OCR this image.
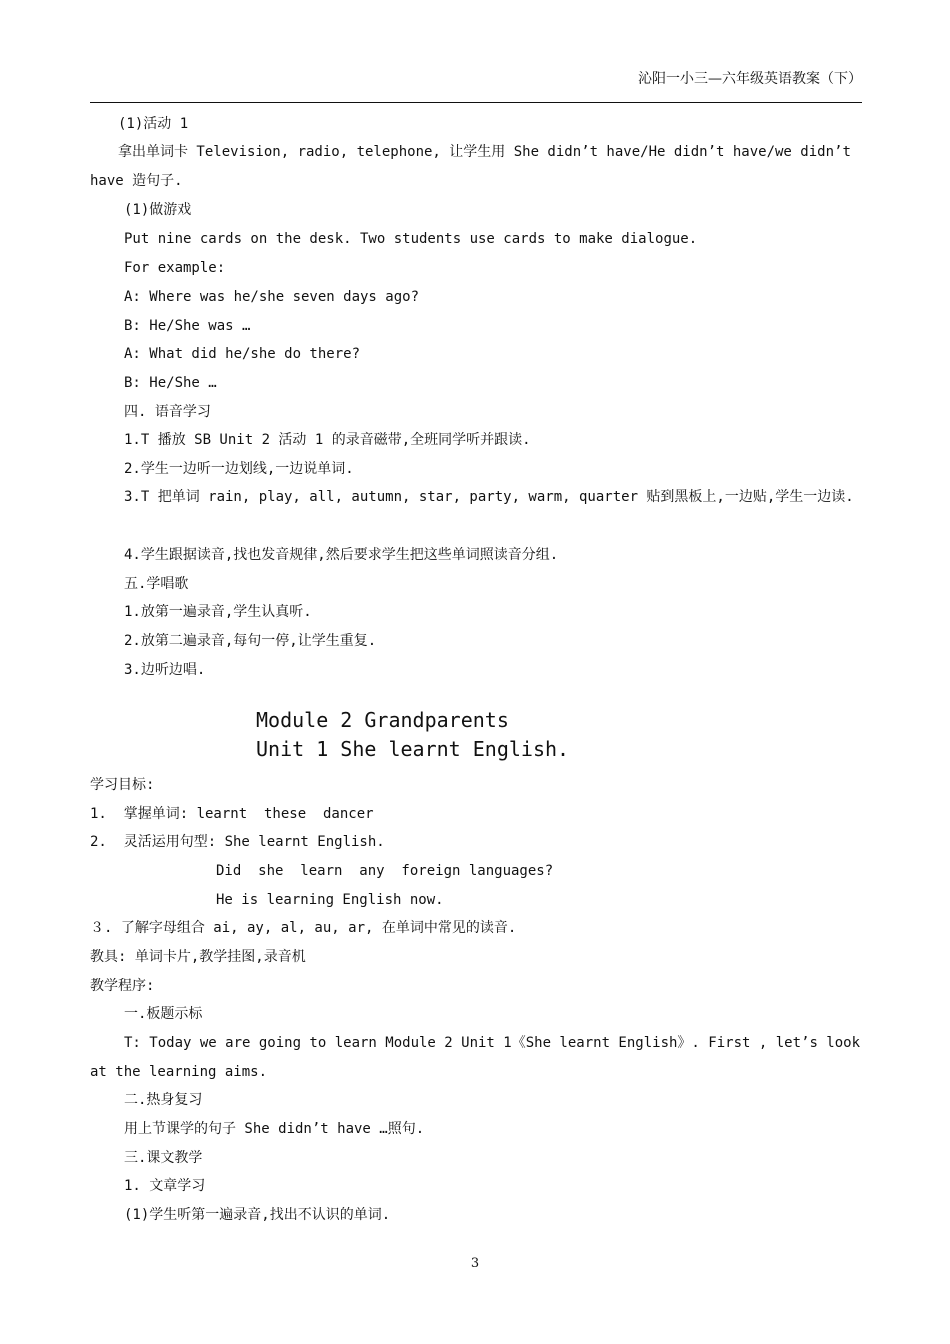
沁阳一小三—六年级英语教案（下）
(1)活动 1
拿出单词卡 Television, radio, telephone, 让学生用 She didn’t have/He didn’t have/we didn’t have 造句子.
(1)做游戏
Put nine cards on the desk. Two students use cards to make dialogue.
For example:
A: Where was he/she seven days ago?
B: He/She was …
A: What did he/she do there?
B: He/She …
四. 语音学习
1.T 播放 SB Unit 2 活动 1 的录音磁带,全班同学听并跟读.
2.学生一边听一边划线,一边说单词.
3.T 把单词 rain, play, all, autumn, star, party, warm, quarter 贴到黑板上,一边贴,学生一边读.
4.学生跟据读音,找也发音规律,然后要求学生把这些单词照读音分组.
五.学唱歌
1.放第一遍录音,学生认真听.
2.放第二遍录音,每句一停,让学生重复.
3.边听边唱.
Module 2 Grandparents
Unit 1 She learnt English.
学习目标:
1.  掌握单词: learnt  these  dancer
2.  灵活运用句型: She learnt English.
Did  she  learn  any  foreign languages?
He is learning English now.
３. 了解字母组合 ai, ay, al, au, ar, 在单词中常见的读音.
教具: 单词卡片,教学挂图,录音机
教学程序:
一.板题示标
T: Today we are going to learn Module 2 Unit 1《She learnt English》. First , let’s look at the learning aims.
二.热身复习
用上节课学的句子 She didn’t have …照句.
三.课文教学
1. 文章学习
(1)学生听第一遍录音,找出不认识的单词.
3
